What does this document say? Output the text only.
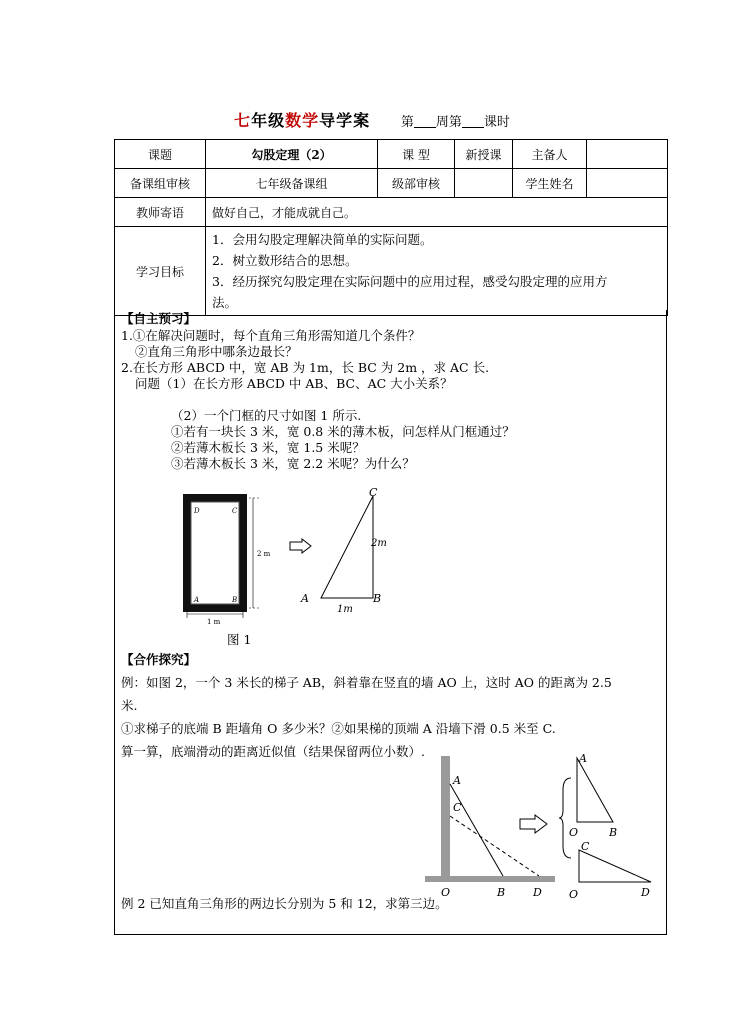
七年级数学导学案 第 周第 课时
课题	勾股定理（2）	课 型	新授课	主备人	
备课组审核	七年级备课组	级部审核		学生姓名	
教师寄语	做好自己，才能成就自己。				
学习目标	1．会用勾股定理解决简单的实际问题。
2．树立数形结合的思想。
3．经历探究勾股定理在实际问题中的应用过程，感受勾股定理的应用方
法。				
【自主预习】
1.①在解决问题时，每个直角三角形需知道几个条件？
②直角三角形中哪条边最长？
2.在长方形 ABCD 中，宽 AB 为 1m，长 BC 为 2m ，求 AC 长.
问题（1）在长方形 ABCD 中 AB、BC、AC 大小关系？
（2）一个门框的尺寸如图 1 所示.
①若有一块长 3 米，宽 0.8 米的薄木板，问怎样从门框通过？
②若薄木板长 3 米，宽 1.5 米呢？
③若薄木板长 3 米，宽 2.2 米呢？为什么？
D	C
A	B
2 m
1 m
C
A	B
2m
1m
图 1
【合作探究】
例：如图 2，一个 3 米长的梯子 AB，斜着靠在竖直的墙 AO 上，这时 AO 的距离为 2.5
米.
①求梯子的底端 B 距墙角 O 多少米？②如果梯的顶端 A 沿墙下滑 0.5 米至 C.
算一算，底端滑动的距离近似值（结果保留两位小数）.
A
C
O	B	D
A
O	B
C
O	D
例 2 已知直角三角形的两边长分别为 5 和 12，求第三边。
